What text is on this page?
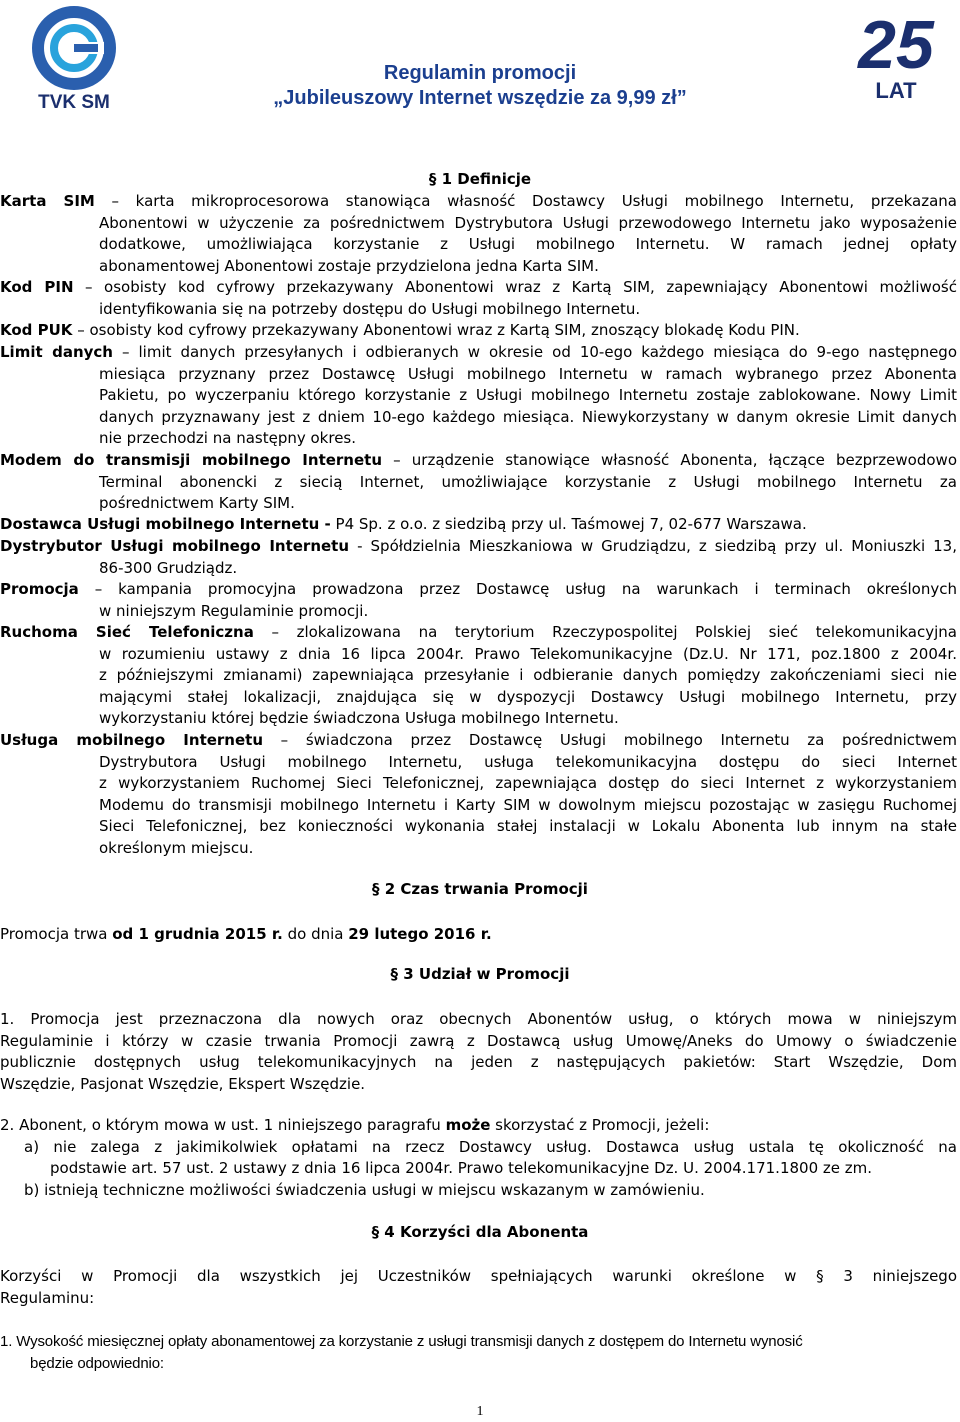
TVK SM
25
LAT
Regulamin promocji
„Jubileuszowy Internet wszędzie za 9,99 zł”
§ 1 Definicje

Karta SIM – karta mikroprocesorowa stanowiąca własność Dostawcy Usługi mobilnego Internetu, przekazana

Abonentowi w użyczenie za pośrednictwem Dystrybutora Usługi przewodowego Internetu jako wyposażenie

dodatkowe, umożliwiająca korzystanie z Usługi mobilnego Internetu. W ramach jednej opłaty

abonamentowej Abonentowi zostaje przydzielona jedna Karta SIM.

Kod PIN – osobisty kod cyfrowy przekazywany Abonentowi wraz z Kartą SIM, zapewniający Abonentowi możliwość

identyfikowania się na potrzeby dostępu do Usługi mobilnego Internetu.

Kod PUK – osobisty kod cyfrowy przekazywany Abonentowi wraz z Kartą SIM, znoszący blokadę Kodu PIN.

Limit danych – limit danych przesyłanych i odbieranych w okresie od 10-ego każdego miesiąca do 9-ego następnego

miesiąca przyznany przez Dostawcę Usługi mobilnego Internetu w ramach wybranego przez Abonenta

Pakietu, po wyczerpaniu którego korzystanie z Usługi mobilnego Internetu zostaje zablokowane. Nowy Limit

danych przyznawany jest z dniem 10-ego każdego miesiąca. Niewykorzystany w danym okresie Limit danych

nie przechodzi na następny okres.

Modem do transmisji mobilnego Internetu – urządzenie stanowiące własność Abonenta, łączące bezprzewodowo

Terminal abonencki z siecią Internet, umożliwiające korzystanie z Usługi mobilnego Internetu za

pośrednictwem Karty SIM.

Dostawca Usługi mobilnego Internetu - P4 Sp. z o.o. z siedzibą przy ul. Taśmowej 7, 02-677 Warszawa.

Dystrybutor Usługi mobilnego Internetu - Spółdzielnia Mieszkaniowa w Grudziądzu, z siedzibą przy ul. Moniuszki 13,

86-300 Grudziądz.

Promocja – kampania promocyjna prowadzona przez Dostawcę usług na warunkach i terminach określonych

w niniejszym Regulaminie promocji.

Ruchoma Sieć Telefoniczna – zlokalizowana na terytorium Rzeczypospolitej Polskiej sieć telekomunikacyjna

w rozumieniu ustawy z dnia 16 lipca 2004r. Prawo Telekomunikacyjne (Dz.U. Nr 171, poz.1800 z 2004r.

z późniejszymi zmianami) zapewniająca przesyłanie i odbieranie danych pomiędzy zakończeniami sieci nie

mającymi stałej lokalizacji, znajdująca się w dyspozycji Dostawcy Usługi mobilnego Internetu, przy

wykorzystaniu której będzie świadczona Usługa mobilnego Internetu.

Usługa mobilnego Internetu – świadczona przez Dostawcę Usługi mobilnego Internetu za pośrednictwem

Dystrybutora Usługi mobilnego Internetu, usługa telekomunikacyjna dostępu do sieci Internet

z wykorzystaniem Ruchomej Sieci Telefonicznej, zapewniająca dostęp do sieci Internet z wykorzystaniem

Modemu do transmisji mobilnego Internetu i Karty SIM w dowolnym miejscu pozostając w zasięgu Ruchomej

Sieci Telefonicznej, bez konieczności wykonania stałej instalacji w Lokalu Abonenta lub innym na stałe

określonym miejscu.

§ 2 Czas trwania Promocji

Promocja trwa od 1 grudnia 2015 r. do dnia 29 lutego 2016 r.

§ 3 Udział w Promocji

1. Promocja jest przeznaczona dla nowych oraz obecnych Abonentów usług, o których mowa w niniejszym

Regulaminie i którzy w czasie trwania Promocji zawrą z Dostawcą usług Umowę/Aneks do Umowy o świadczenie

publicznie dostępnych usług telekomunikacyjnych na jeden z następujących pakietów: Start Wszędzie, Dom

Wszędzie, Pasjonat Wszędzie, Ekspert Wszędzie.

2. Abonent, o którym mowa w ust. 1 niniejszego paragrafu może skorzystać z Promocji, jeżeli:

a) nie zalega z jakimikolwiek opłatami na rzecz Dostawcy usług. Dostawca usług ustala tę okoliczność na

podstawie art. 57 ust. 2 ustawy z dnia 16 lipca 2004r. Prawo telekomunikacyjne Dz. U. 2004.171.1800 ze zm.

b) istnieją techniczne możliwości świadczenia usługi w miejscu wskazanym w zamówieniu.

§ 4 Korzyści dla Abonenta

Korzyści w Promocji dla wszystkich jej Uczestników spełniających warunki określone w § 3 niniejszego

Regulaminu:

1. Wysokość miesięcznej opłaty abonamentowej za korzystanie z usługi transmisji danych z dostępem do Internetu wynosić

będzie odpowiednio:

1
